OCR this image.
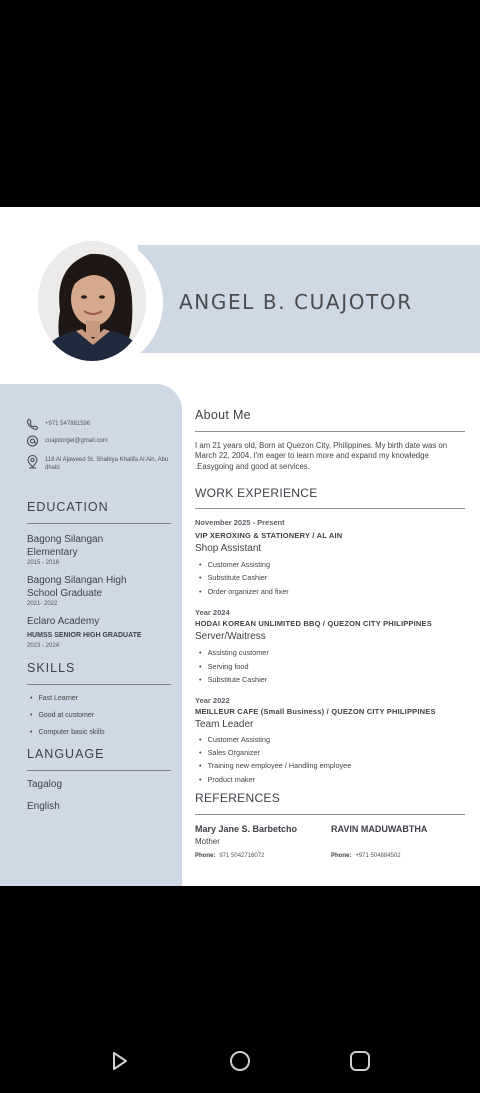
ANGEL B. CUAJOTOR
+971 547881596
cuajotorgel@gmail.com
118 Al Ajaweed St. Shabiya Khalifa Al Ain, Abu dhabi
EDUCATION
Bagong Silangan Elementary
2015 - 2016
Bagong Silangan High School Graduate
2021- 2022
Eclaro Academy
HUMSS SENIOR HIGH GRADUATE
2023 - 2024
SKILLS
• Fast Learner
• Good at customer
• Computer basic skills
LANGUAGE
Tagalog
English
About Me
I am 21 years old, Born at Quezon City, Philippines. My birth date was on March 22, 2004. I'm eager to learn more and expand my knowledge .Easygoing and good at services.
WORK EXPERIENCE
November 2025 - Present
VIP XEROXING & STATIONERY / AL AIN
Shop Assistant
• Customer Assisting
• Substitute Cashier
• Order organizer and fixer
Year 2024
HODAI KOREAN UNLIMITED BBQ / QUEZON CITY PHILIPPINES
Server/Waitress
• Assisting customer
• Serving food
• Substitute Cashier
Year 2022
MEILLEUR CAFE (Small Business) / QUEZON CITY PHILIPPINES
Team Leader
• Customer Assisting
• Sales Organizer
• Training new employee / Handling employee
• Product maker
REFERENCES
Mary Jane S. Barbetcho
Mother
Phone: 971 5042716072
RAVIN MADUWABTHA
Phone: +971 504884502
